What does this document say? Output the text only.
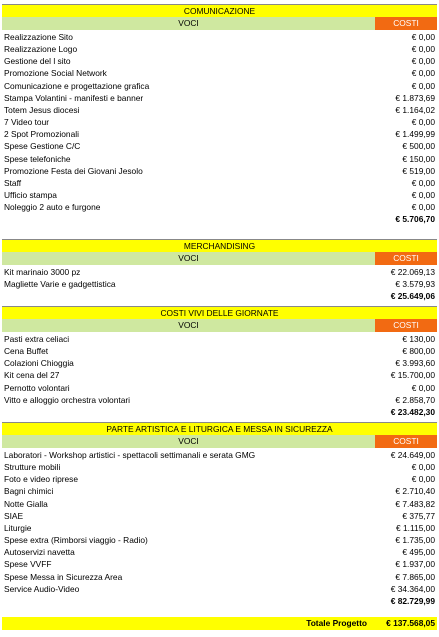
COMUNICAZIONE
VOCI	COSTI
Realizzazione Sito	€ 0,00
Realizzazione Logo	€ 0,00
Gestione del l sito	€ 0,00
Promozione Social Network	€ 0,00
Comunicazione e progettazione grafica	€ 0,00
Stampa Volantini - manifesti e banner	€ 1.873,69
Totem Jesus diocesi	€ 1.164,02
7 Video tour	€ 0,00
2 Spot Promozionali	€ 1.499,99
Spese Gestione C/C	€ 500,00
Spese telefoniche	€ 150,00
Promozione Festa dei Giovani Jesolo	€ 519,00
Staff	€ 0,00
Ufficio stampa	€ 0,00
Noleggio 2 auto e furgone	€ 0,00
€ 5.706,70
MERCHANDISING
VOCI	COSTI
Kit marinaio 3000 pz	€ 22.069,13
Magliette Varie e gadgettistica	€ 3.579,93
€ 25.649,06
COSTI VIVI DELLE GIORNATE
VOCI	COSTI
Pasti extra celiaci	€ 130,00
Cena Buffet	€ 800,00
Colazioni Chioggia	€ 3.993,60
Kit cena del 27	€ 15.700,00
Pernotto volontari	€ 0,00
Vitto e alloggio orchestra volontari	€ 2.858,70
€ 23.482,30
PARTE ARTISTICA E LITURGICA E MESSA IN SICUREZZA
VOCI	COSTI
Laboratori - Workshop artistici - spettacoli settimanali e serata GMG	€ 24.649,00
Strutture mobili	€ 0,00
Foto e video riprese	€ 0,00
Bagni chimici	€ 2.710,40
Notte Gialla	€ 7.483,82
SIAE	€ 375,77
Liturgie	€ 1.115,00
Spese extra (Rimborsi viaggio - Radio)	€ 1.735,00
Autoservizi navetta	€ 495,00
Spese VVFF	€ 1.937,00
Spese Messa in Sicurezza Area	€ 7.865,00
Service Audio-Video	€ 34.364,00
€ 82.729,99
Totale Progetto € 137.568,05
